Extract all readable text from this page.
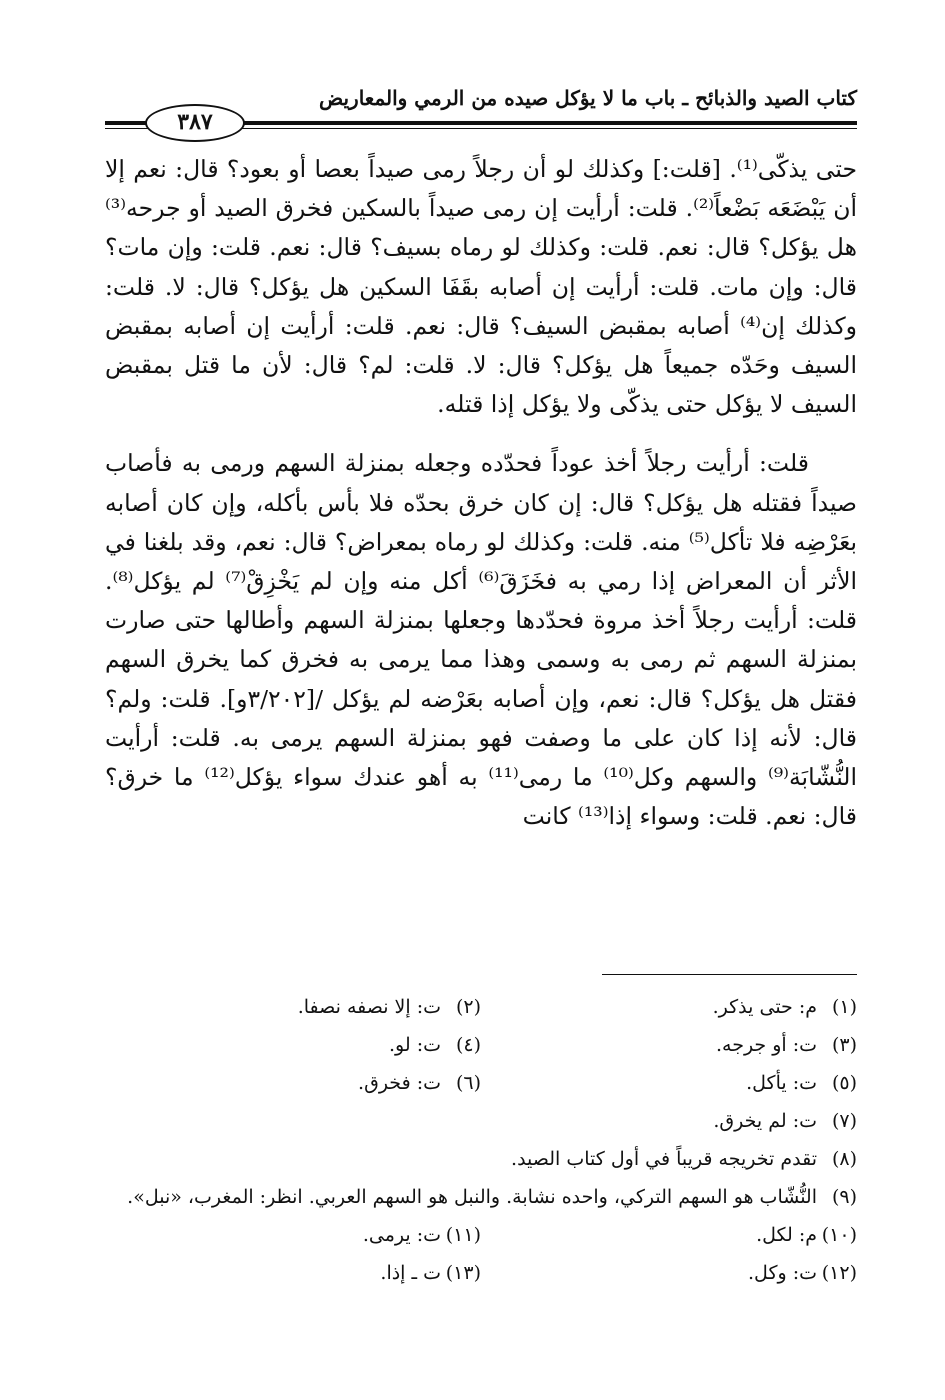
كتاب الصيد والذبائح ـ باب ما لا يؤكل صيده من الرمي والمعاريض
٣٨٧

حتى يذكّى⁽¹⁾. [قلت:] وكذلك لو أن رجلاً رمى صيداً بعصا أو بعود؟ قال: نعم إلا أن يَبْضَعَه بَضْعاً⁽²⁾. قلت: أرأيت إن رمى صيداً بالسكين فخرق الصيد أو جرحه⁽³⁾ هل يؤكل؟ قال: نعم. قلت: وكذلك لو رماه بسيف؟ قال: نعم. قلت: وإن مات؟ قال: وإن مات. قلت: أرأيت إن أصابه بقَفَا السكين هل يؤكل؟ قال: لا. قلت: وكذلك إن⁽⁴⁾ أصابه بمقبض السيف؟ قال: نعم. قلت: أرأيت إن أصابه بمقبض السيف وحَدّه جميعاً هل يؤكل؟ قال: لا. قلت: لم؟ قال: لأن ما قتل بمقبض السيف لا يؤكل حتى يذكّى ولا يؤكل إذا قتله.

قلت: أرأيت رجلاً أخذ عوداً فحدّده وجعله بمنزلة السهم ورمى به فأصاب صيداً فقتله هل يؤكل؟ قال: إن كان خرق بحدّه فلا بأس بأكله، وإن كان أصابه بعَرْضِه فلا تأكل⁽⁵⁾ منه. قلت: وكذلك لو رماه بمعراض؟ قال: نعم، وقد بلغنا في الأثر أن المعراض إذا رمي به فخَزَقَ⁽⁶⁾ أكل منه وإن لم يَخْزِقْ⁽⁷⁾ لم يؤكل⁽⁸⁾. قلت: أرأيت رجلاً أخذ مروة فحدّدها وجعلها بمنزلة السهم وأطالها حتى صارت بمنزلة السهم ثم رمى به وسمى وهذا مما يرمى به فخرق كما يخرق السهم فقتل هل يؤكل؟ قال: نعم، وإن أصابه بعَرْضه لم يؤكل /[٣/٢٠٢و]. قلت: ولم؟ قال: لأنه إذا كان على ما وصفت فهو بمنزلة السهم يرمى به. قلت: أرأيت النُّشّابَة⁽⁹⁾ والسهم وكل⁽¹⁰⁾ ما رمى⁽¹¹⁾ به أهو عندك سواء يؤكل⁽¹²⁾ ما خرق؟ قال: نعم. قلت: وسواء إذا⁽¹³⁾ كانت

(١)م: حتى يذكر.
(٢)ت: إلا نصفه نصفا.
(٣)ت: أو جرجه.
(٤)ت: لو.
(٥)ت: يأكل.
(٦)ت: فخرق.
(٧)ت: لم يخرق.
(٨)تقدم تخريجه قريباً في أول كتاب الصيد.
(٩)النُّشّاب هو السهم التركي، واحده نشابة. والنبل هو السهم العربي. انظر: المغرب، «نبل».
(١٠)م: لكل.
(١١)ت: يرمى.
(١٢)ت: وكل.
(١٣)ت ـ إذا.
